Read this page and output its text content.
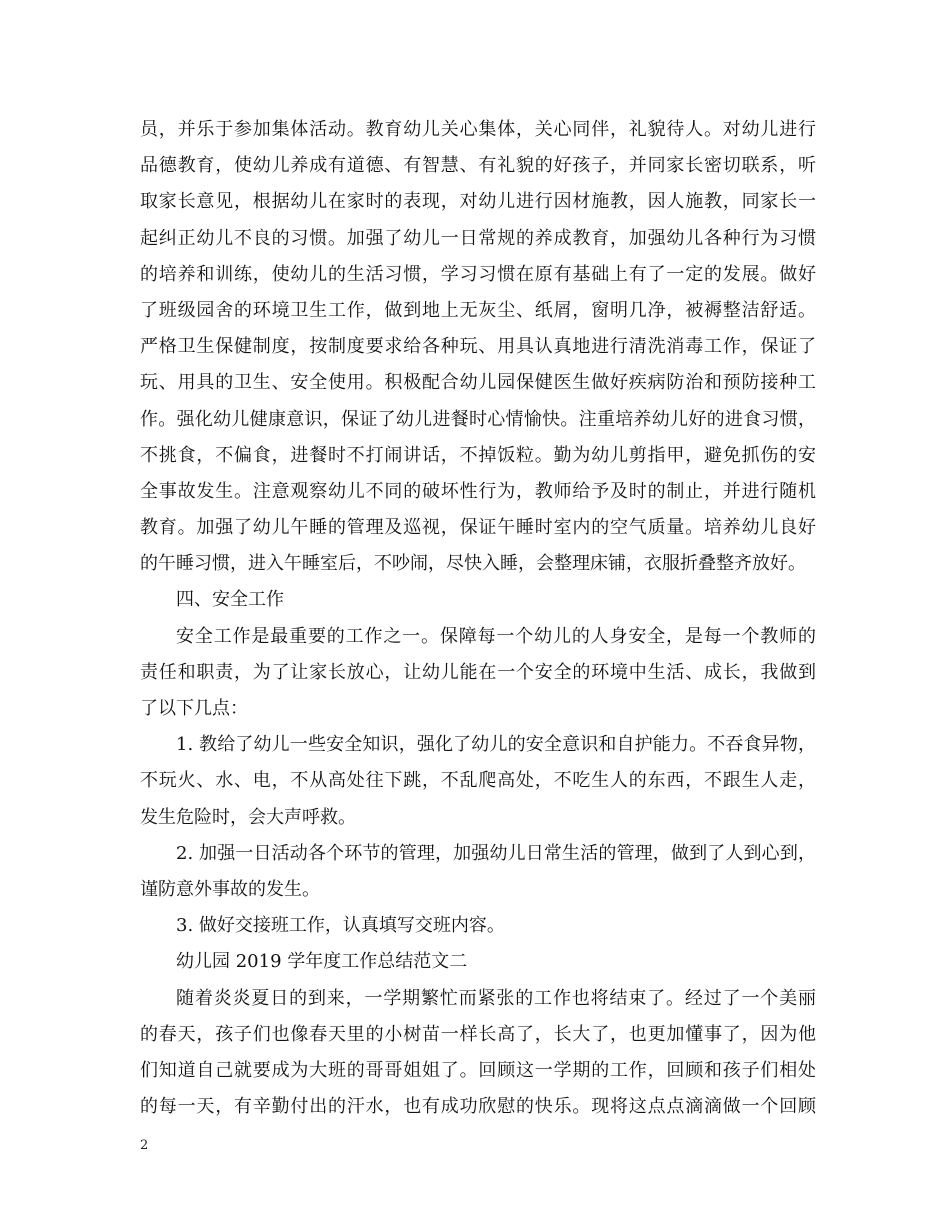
员，并乐于参加集体活动。教育幼儿关心集体，关心同伴，礼貌待人。对幼儿进行
品德教育，使幼儿养成有道德、有智慧、有礼貌的好孩子，并同家长密切联系，听
取家长意见，根据幼儿在家时的表现，对幼儿进行因材施教，因人施教，同家长一
起纠正幼儿不良的习惯。加强了幼儿一日常规的养成教育，加强幼儿各种行为习惯
的培养和训练，使幼儿的生活习惯，学习习惯在原有基础上有了一定的发展。做好
了班级园舍的环境卫生工作，做到地上无灰尘、纸屑，窗明几净，被褥整洁舒适。
严格卫生保健制度，按制度要求给各种玩、用具认真地进行清洗消毒工作，保证了
玩、用具的卫生、安全使用。积极配合幼儿园保健医生做好疾病防治和预防接种工
作。强化幼儿健康意识，保证了幼儿进餐时心情愉快。注重培养幼儿好的进食习惯，
不挑食，不偏食，进餐时不打闹讲话，不掉饭粒。勤为幼儿剪指甲，避免抓伤的安
全事故发生。注意观察幼儿不同的破坏性行为，教师给予及时的制止，并进行随机
教育。加强了幼儿午睡的管理及巡视，保证午睡时室内的空气质量。培养幼儿良好
的午睡习惯，进入午睡室后，不吵闹，尽快入睡，会整理床铺，衣服折叠整齐放好。
四、安全工作
安全工作是最重要的工作之一。保障每一个幼儿的人身安全，是每一个教师的
责任和职责，为了让家长放心，让幼儿能在一个安全的环境中生活、成长，我做到
了以下几点：
1. 教给了幼儿一些安全知识，强化了幼儿的安全意识和自护能力。不吞食异物，
不玩火、水、电，不从高处往下跳，不乱爬高处，不吃生人的东西，不跟生人走，
发生危险时，会大声呼救。
2. 加强一日活动各个环节的管理，加强幼儿日常生活的管理，做到了人到心到，
谨防意外事故的发生。
3. 做好交接班工作，认真填写交班内容。
幼儿园 2019 学年度工作总结范文二
随着炎炎夏日的到来，一学期繁忙而紧张的工作也将结束了。经过了一个美丽
的春天，孩子们也像春天里的小树苗一样长高了，长大了，也更加懂事了，因为他
们知道自己就要成为大班的哥哥姐姐了。回顾这一学期的工作，回顾和孩子们相处
的每一天，有辛勤付出的汗水，也有成功欣慰的快乐。现将这点点滴滴做一个回顾
2
